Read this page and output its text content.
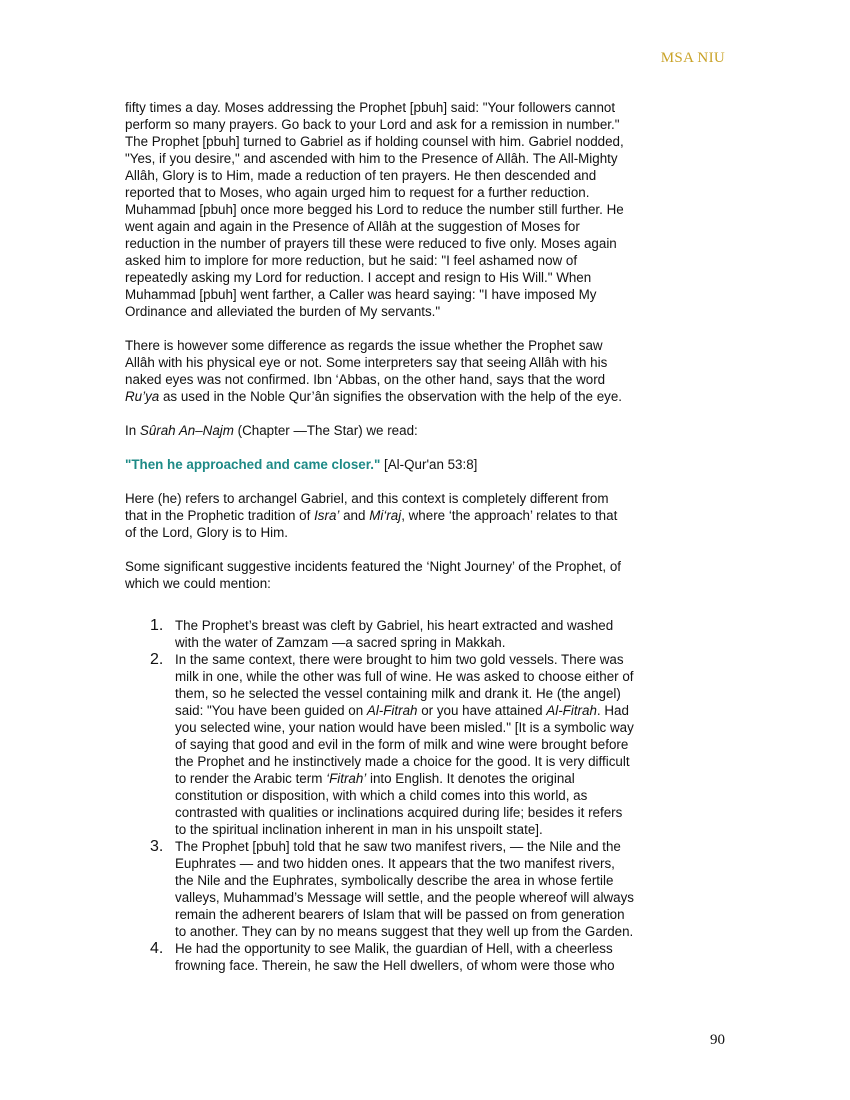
MSA NIU

fifty times a day. Moses addressing the Prophet [pbuh] said: "Your followers cannot
perform so many prayers. Go back to your Lord and ask for a remission in number."
The Prophet [pbuh] turned to Gabriel as if holding counsel with him. Gabriel nodded,
"Yes, if you desire," and ascended with him to the Presence of Allâh. The All-Mighty
Allâh, Glory is to Him, made a reduction of ten prayers. He then descended and
reported that to Moses, who again urged him to request for a further reduction.
Muhammad [pbuh] once more begged his Lord to reduce the number still further. He
went again and again in the Presence of Allâh at the suggestion of Moses for
reduction in the number of prayers till these were reduced to five only. Moses again
asked him to implore for more reduction, but he said: "I feel ashamed now of
repeatedly asking my Lord for reduction. I accept and resign to His Will." When
Muhammad [pbuh] went farther, a Caller was heard saying: "I have imposed My
Ordinance and alleviated the burden of My servants."

There is however some difference as regards the issue whether the Prophet saw
Allâh with his physical eye or not. Some interpreters say that seeing Allâh with his
naked eyes was not confirmed. Ibn ‘Abbas, on the other hand, says that the word
Ru’ya as used in the Noble Qur’ân signifies the observation with the help of the eye.

In Sûrah An–Najm (Chapter —The Star) we read:

"Then he approached and came closer." [Al-Qur'an 53:8]

Here (he) refers to archangel Gabriel, and this context is completely different from
that in the Prophetic tradition of Isra’ and Mi‘raj, where ‘the approach’ relates to that
of the Lord, Glory is to Him.

Some significant suggestive incidents featured the ‘Night Journey’ of the Prophet, of
which we could mention:

1. The Prophet’s breast was cleft by Gabriel, his heart extracted and washed
with the water of Zamzam —a sacred spring in Makkah.
2. In the same context, there were brought to him two gold vessels. There was
milk in one, while the other was full of wine. He was asked to choose either of
them, so he selected the vessel containing milk and drank it. He (the angel)
said: "You have been guided on Al-Fitrah or you have attained Al-Fitrah. Had
you selected wine, your nation would have been misled." [It is a symbolic way
of saying that good and evil in the form of milk and wine were brought before
the Prophet and he instinctively made a choice for the good. It is very difficult
to render the Arabic term ‘Fitrah’ into English. It denotes the original
constitution or disposition, with which a child comes into this world, as
contrasted with qualities or inclinations acquired during life; besides it refers
to the spiritual inclination inherent in man in his unspoilt state].
3. The Prophet [pbuh] told that he saw two manifest rivers, — the Nile and the
Euphrates — and two hidden ones. It appears that the two manifest rivers,
the Nile and the Euphrates, symbolically describe the area in whose fertile
valleys, Muhammad’s Message will settle, and the people whereof will always
remain the adherent bearers of Islam that will be passed on from generation
to another. They can by no means suggest that they well up from the Garden.
4. He had the opportunity to see Malik, the guardian of Hell, with a cheerless
frowning face. Therein, he saw the Hell dwellers, of whom were those who
90
